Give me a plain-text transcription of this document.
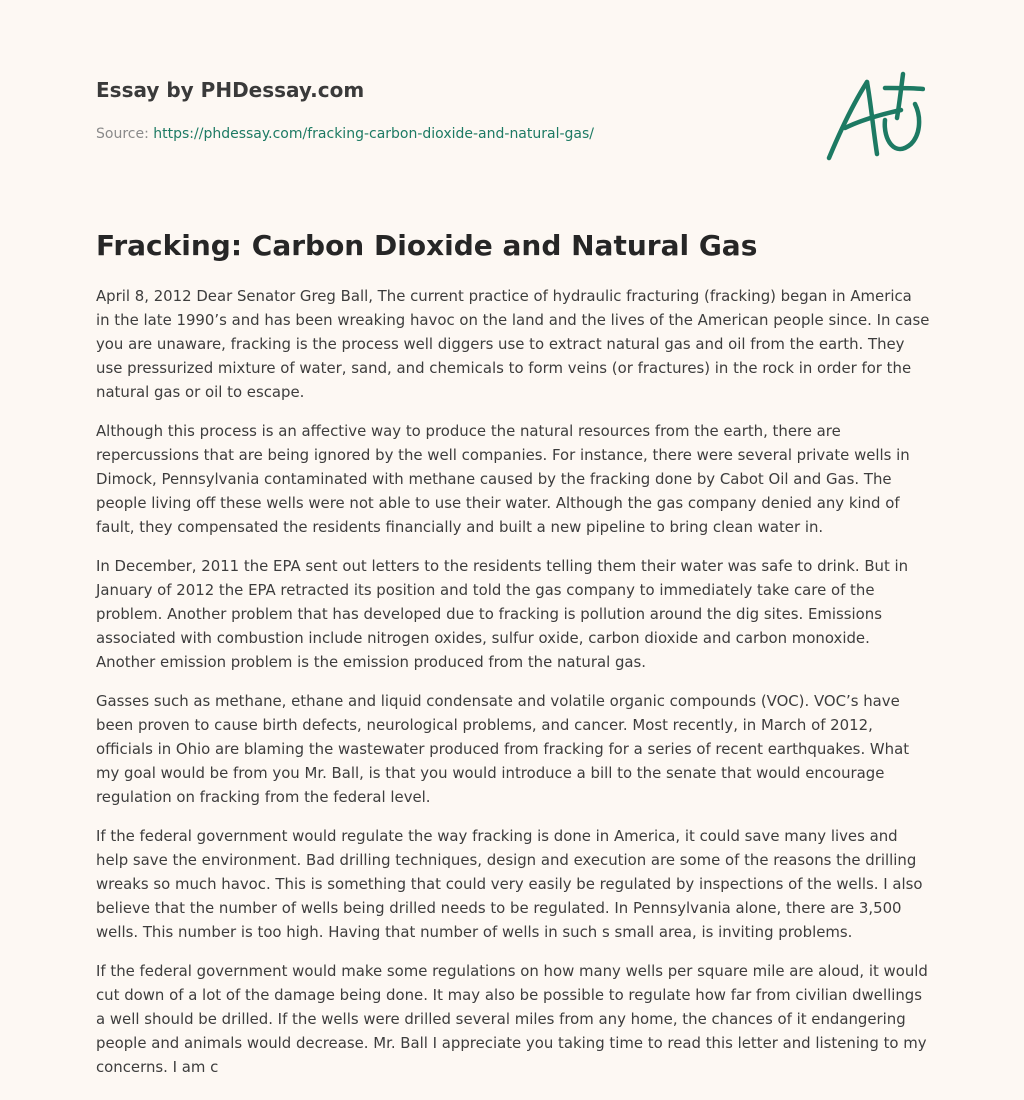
Essay by PHDessay.com

Source: https://phdessay.com/fracking-carbon-dioxide-and-natural-gas/
Fracking: Carbon Dioxide and Natural Gas

April 8, 2012 Dear Senator Greg Ball, The current practice of hydraulic fracturing (fracking) began in America in the late 1990’s and has been wreaking havoc on the land and the lives of the American people since. In case you are unaware, fracking is the process well diggers use to extract natural gas and oil from the earth. They use pressurized mixture of water, sand, and chemicals to form veins (or fractures) in the rock in order for the natural gas or oil to escape.

Although this process is an affective way to produce the natural resources from the earth, there are repercussions that are being ignored by the well companies. For instance, there were several private wells in Dimock, Pennsylvania contaminated with methane caused by the fracking done by Cabot Oil and Gas. The people living off these wells were not able to use their water. Although the gas company denied any kind of fault, they compensated the residents financially and built a new pipeline to bring clean water in.

In December, 2011 the EPA sent out letters to the residents telling them their water was safe to drink. But in January of 2012 the EPA retracted its position and told the gas company to immediately take care of the problem. Another problem that has developed due to fracking is pollution around the dig sites. Emissions associated with combustion include nitrogen oxides, sulfur oxide, carbon dioxide and carbon monoxide. Another emission problem is the emission produced from the natural gas.

Gasses such as methane, ethane and liquid condensate and volatile organic compounds (VOC). VOC’s have been proven to cause birth defects, neurological problems, and cancer. Most recently, in March of 2012, officials in Ohio are blaming the wastewater produced from fracking for a series of recent earthquakes. What my goal would be from you Mr. Ball, is that you would introduce a bill to the senate that would encourage regulation on fracking from the federal level.

If the federal government would regulate the way fracking is done in America, it could save many lives and help save the environment. Bad drilling techniques, design and execution are some of the reasons the drilling wreaks so much havoc. This is something that could very easily be regulated by inspections of the wells. I also believe that the number of wells being drilled needs to be regulated. In Pennsylvania alone, there are 3,500 wells. This number is too high. Having that number of wells in such s small area, is inviting problems.

If the federal government would make some regulations on how many wells per square mile are aloud, it would cut down of a lot of the damage being done. It may also be possible to regulate how far from civilian dwellings a well should be drilled. If the wells were drilled several miles from any home, the chances of it endangering people and animals would decrease. Mr. Ball I appreciate you taking time to read this letter and listening to my concerns. I am c
